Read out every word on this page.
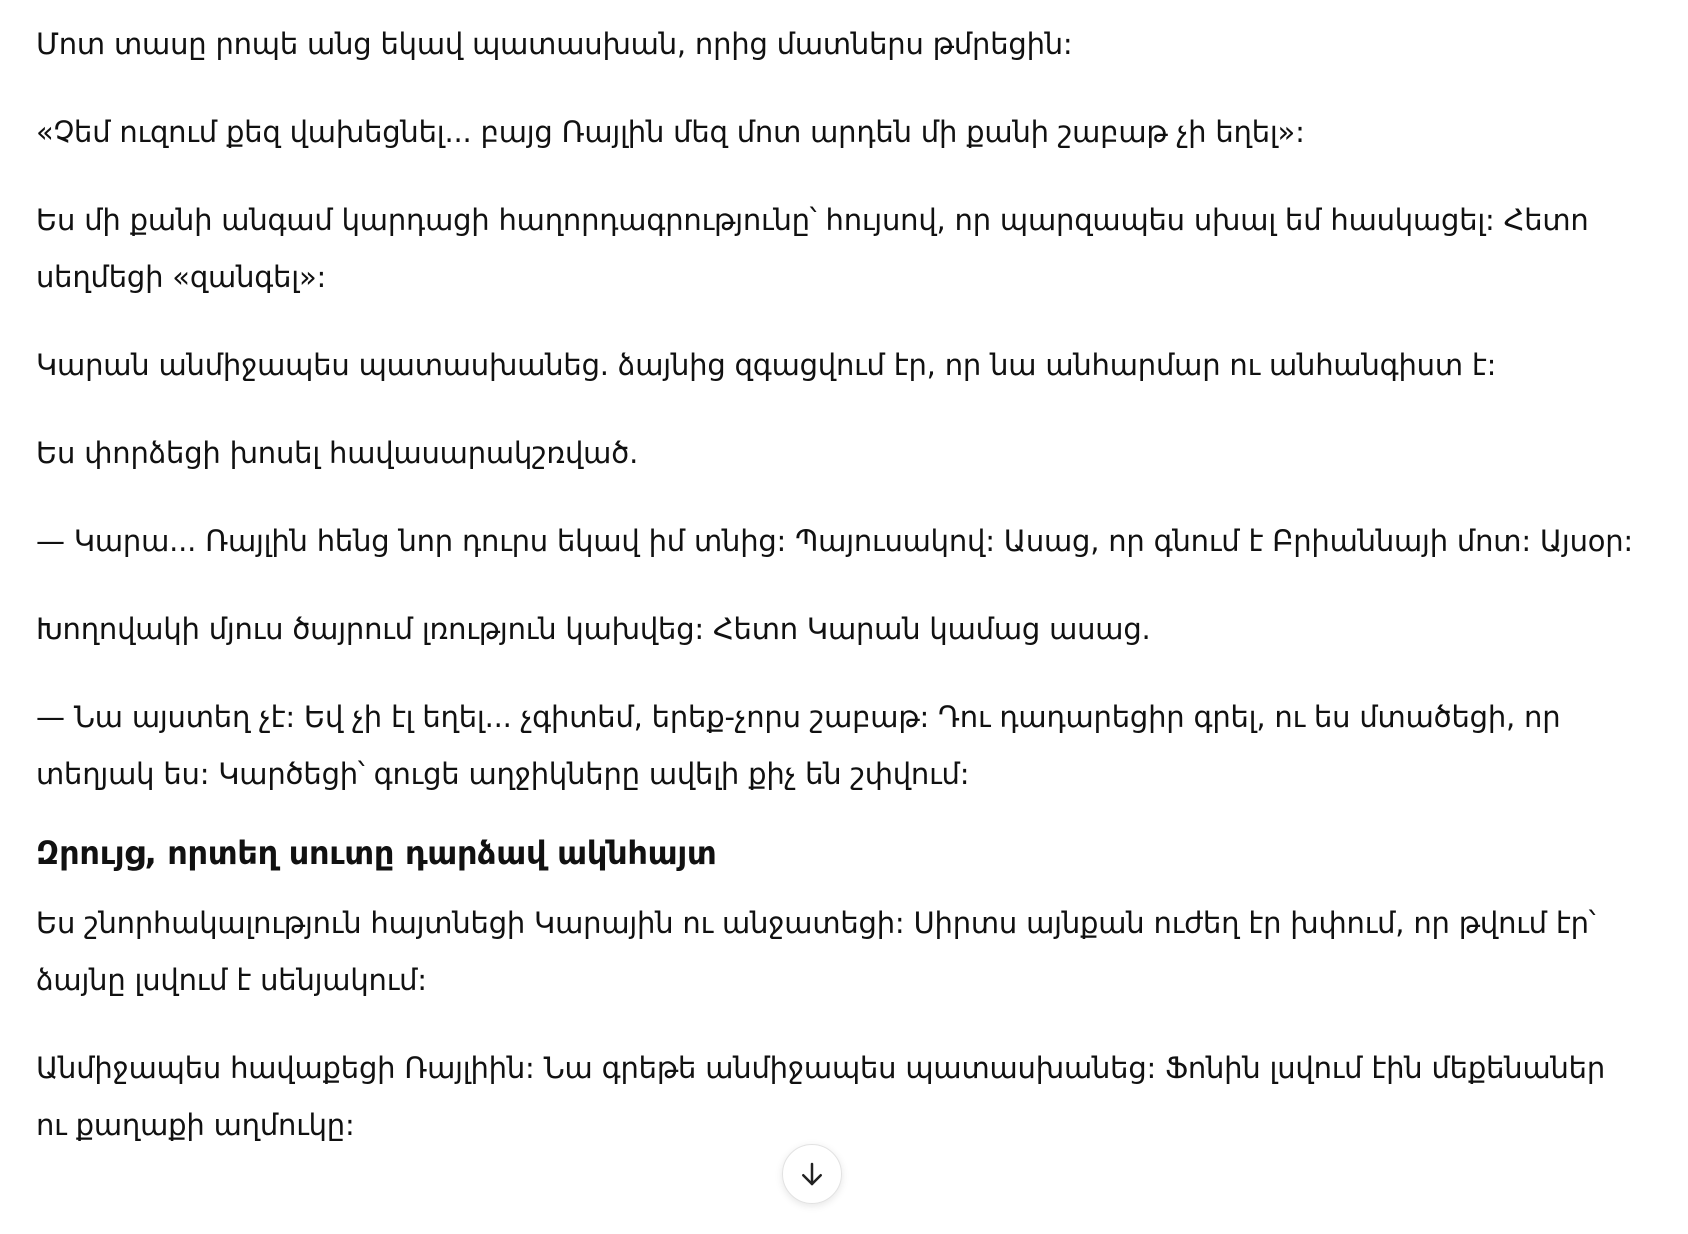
Մոտ տասը րոպե անց եկավ պատասխան, որից մատներս թմրեցին:

«Չեմ ուզում քեզ վախեցնել... բայց Ռայլին մեզ մոտ արդեն մի քանի շաբաթ չի եղել»:

Ես մի քանի անգամ կարդացի հաղորդագրությունը՝ հույսով, որ պարզապես սխալ եմ հասկացել: Հետո սեղմեցի «զանգել»:

Կարան անմիջապես պատասխանեց. ձայնից զգացվում էր, որ նա անհարմար ու անհանգիստ է:

Ես փորձեցի խոսել հավասարակշռված.

— Կարա... Ռայլին հենց նոր դուրս եկավ իմ տնից: Պայուսակով: Ասաց, որ գնում է Բրիաննայի մոտ: Այսօր:

Խողովակի մյուս ծայրում լռություն կախվեց: Հետո Կարան կամաց ասաց.

— Նա այստեղ չէ: Եվ չի էլ եղել... չգիտեմ, երեք-չորս շաբաթ: Դու դադարեցիր գրել, ու ես մտածեցի, որ տեղյակ ես: Կարծեցի՝ գուցե աղջիկները ավելի քիչ են շփվում:

Զրույց, որտեղ սուտը դարձավ ակնհայտ

Ես շնորհակալություն հայտնեցի Կարային ու անջատեցի: Սիրտս այնքան ուժեղ էր խփում, որ թվում էր՝ ձայնը լսվում է սենյակում:

Անմիջապես հավաքեցի Ռայլիին: Նա գրեթե անմիջապես պատասխանեց: Ֆոնին լսվում էին մեքենաներ ու քաղաքի աղմուկը:
